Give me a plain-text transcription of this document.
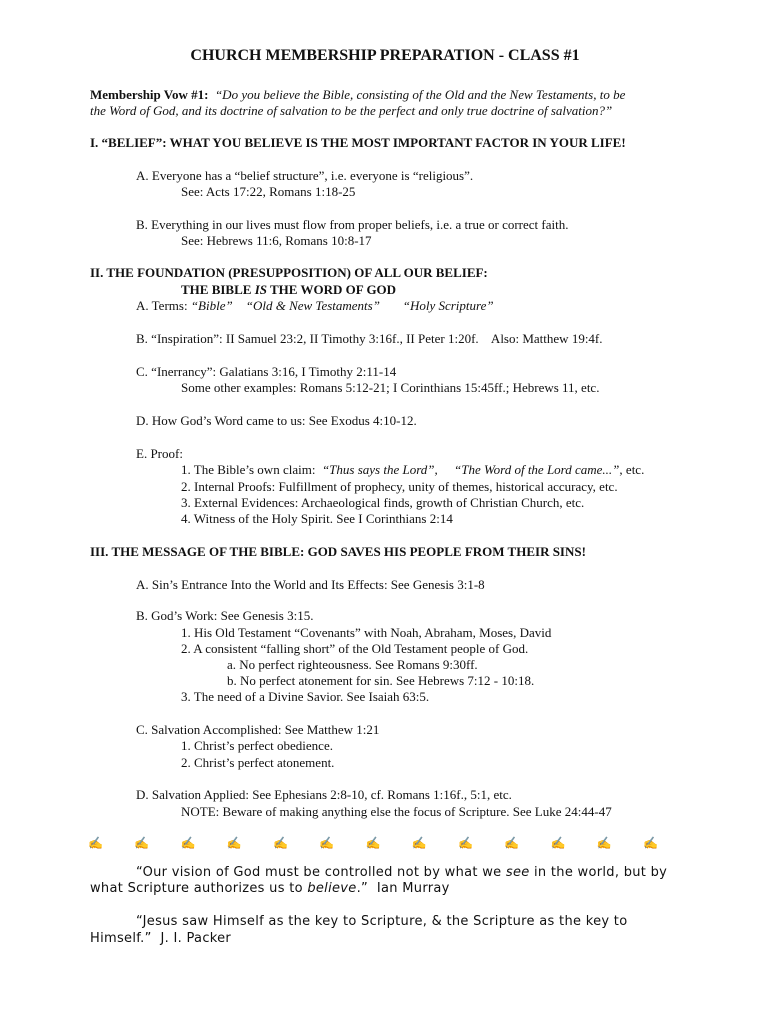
CHURCH MEMBERSHIP PREPARATION - CLASS #1
Membership Vow #1: “Do you believe the Bible, consisting of the Old and the New Testaments, to be
the Word of God, and its doctrine of salvation to be the perfect and only true doctrine of salvation?”
I. “BELIEF”: WHAT YOU BELIEVE IS THE MOST IMPORTANT FACTOR IN YOUR LIFE!
A. Everyone has a “belief structure”, i.e. everyone is “religious”.
See: Acts 17:22, Romans 1:18-25
B. Everything in our lives must flow from proper beliefs, i.e. a true or correct faith.
See: Hebrews 11:6, Romans 10:8-17
II. THE FOUNDATION (PRESUPPOSITION) OF ALL OUR BELIEF:
THE BIBLE IS THE WORD OF GOD
A. Terms: “Bible”    “Old & New Testaments”       “Holy Scripture”
B. “Inspiration”: II Samuel 23:2, II Timothy 3:16f., II Peter 1:20f.    Also: Matthew 19:4f.
C. “Inerrancy”: Galatians 3:16, I Timothy 2:11-14
Some other examples: Romans 5:12-21; I Corinthians 15:45ff.; Hebrews 11, etc.
D. How God’s Word came to us: See Exodus 4:10-12.
E. Proof:
1. The Bible’s own claim:  “Thus says the Lord”,     “The Word of the Lord came...”, etc.
2. Internal Proofs: Fulfillment of prophecy, unity of themes, historical accuracy, etc.
3. External Evidences: Archaeological finds, growth of Christian Church, etc.
4. Witness of the Holy Spirit. See I Corinthians 2:14
III. THE MESSAGE OF THE BIBLE: GOD SAVES HIS PEOPLE FROM THEIR SINS!
A. Sin’s Entrance Into the World and Its Effects: See Genesis 3:1-8
B. God’s Work: See Genesis 3:15.
1. His Old Testament “Covenants” with Noah, Abraham, Moses, David
2. A consistent “falling short” of the Old Testament people of God.
a. No perfect righteousness. See Romans 9:30ff.
b. No perfect atonement for sin. See Hebrews 7:12 - 10:18.
3. The need of a Divine Savior. See Isaiah 63:5.
C. Salvation Accomplished: See Matthew 1:21
1. Christ’s perfect obedience.
2. Christ’s perfect atonement.
D. Salvation Applied: See Ephesians 2:8-10, cf. Romans 1:16f., 5:1, etc.
NOTE: Beware of making anything else the focus of Scripture. See Luke 24:44-47
✍	✍	✍	✍	✍	✍	✍	✍	✍	✍	✍	✍	✍
“Our vision of God must be controlled not by what we see in the world, but by
what Scripture authorizes us to believe.”  Ian Murray
“Jesus saw Himself as the key to Scripture, & the Scripture as the key to
Himself.”  J. I. Packer
